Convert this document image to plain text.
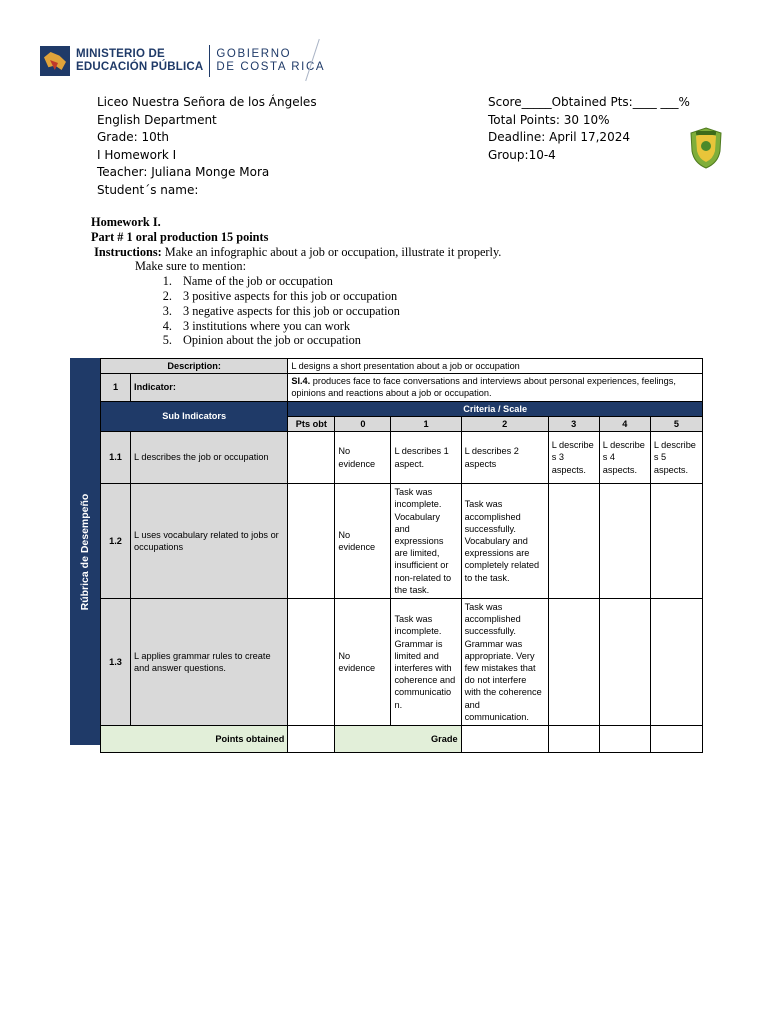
MINISTERIO DE
EDUCACIÓN PÚBLICA
GOBIERNO
DE COSTA RICA
Liceo Nuestra Señora de los Ángeles
English Department
Grade: 10th
I Homework I
Teacher: Juliana Monge Mora
Student´s name:
Score_____Obtained Pts:____ ___%
Total Points: 30 10%
Deadline: April 17,2024
Group:10-4
Homework I.
Part # 1 oral production 15 points
Instructions: Make an infographic about a job or occupation, illustrate it properly.
Make sure to mention:
1. Name of the job or occupation
2. 3 positive aspects for this job or occupation
3. 3 negative aspects for this job or occupation
4. 3 institutions where you can work
5. Opinion about the job or occupation
Rúbrica de Desempeño
Description:		L designs a short presentation about a job or occupation						
1	Indicator:	SI.4. produces face to face conversations and interviews about personal experiences, feelings, opinions and reactions about a job or occupation.						
Sub Indicators		Criteria / Scale						
		Pts obt	0	1	2	3	4	5
1.1	L describes the job or occupation		No evidence	L describes 1 aspect.	L describes 2 aspects	L describe s 3 aspects.	L describe s 4 aspects.	L describe s 5 aspects.
1.2	L uses vocabulary related to jobs or occupations		No evidence	Task was incomplete. Vocabulary and expressions are limited, insufficient or non-related to the task.	Task was accomplished successfully. Vocabulary and expressions are completely related to the task.			
1.3	L applies grammar rules to create and answer questions.		No evidence	Task was incomplete. Grammar is limited and interferes with coherence and communicatio n.	Task was accomplished successfully. Grammar was appropriate. Very few mistakes that do not interfere with the coherence and communication.			
Points obtained			Grade					
